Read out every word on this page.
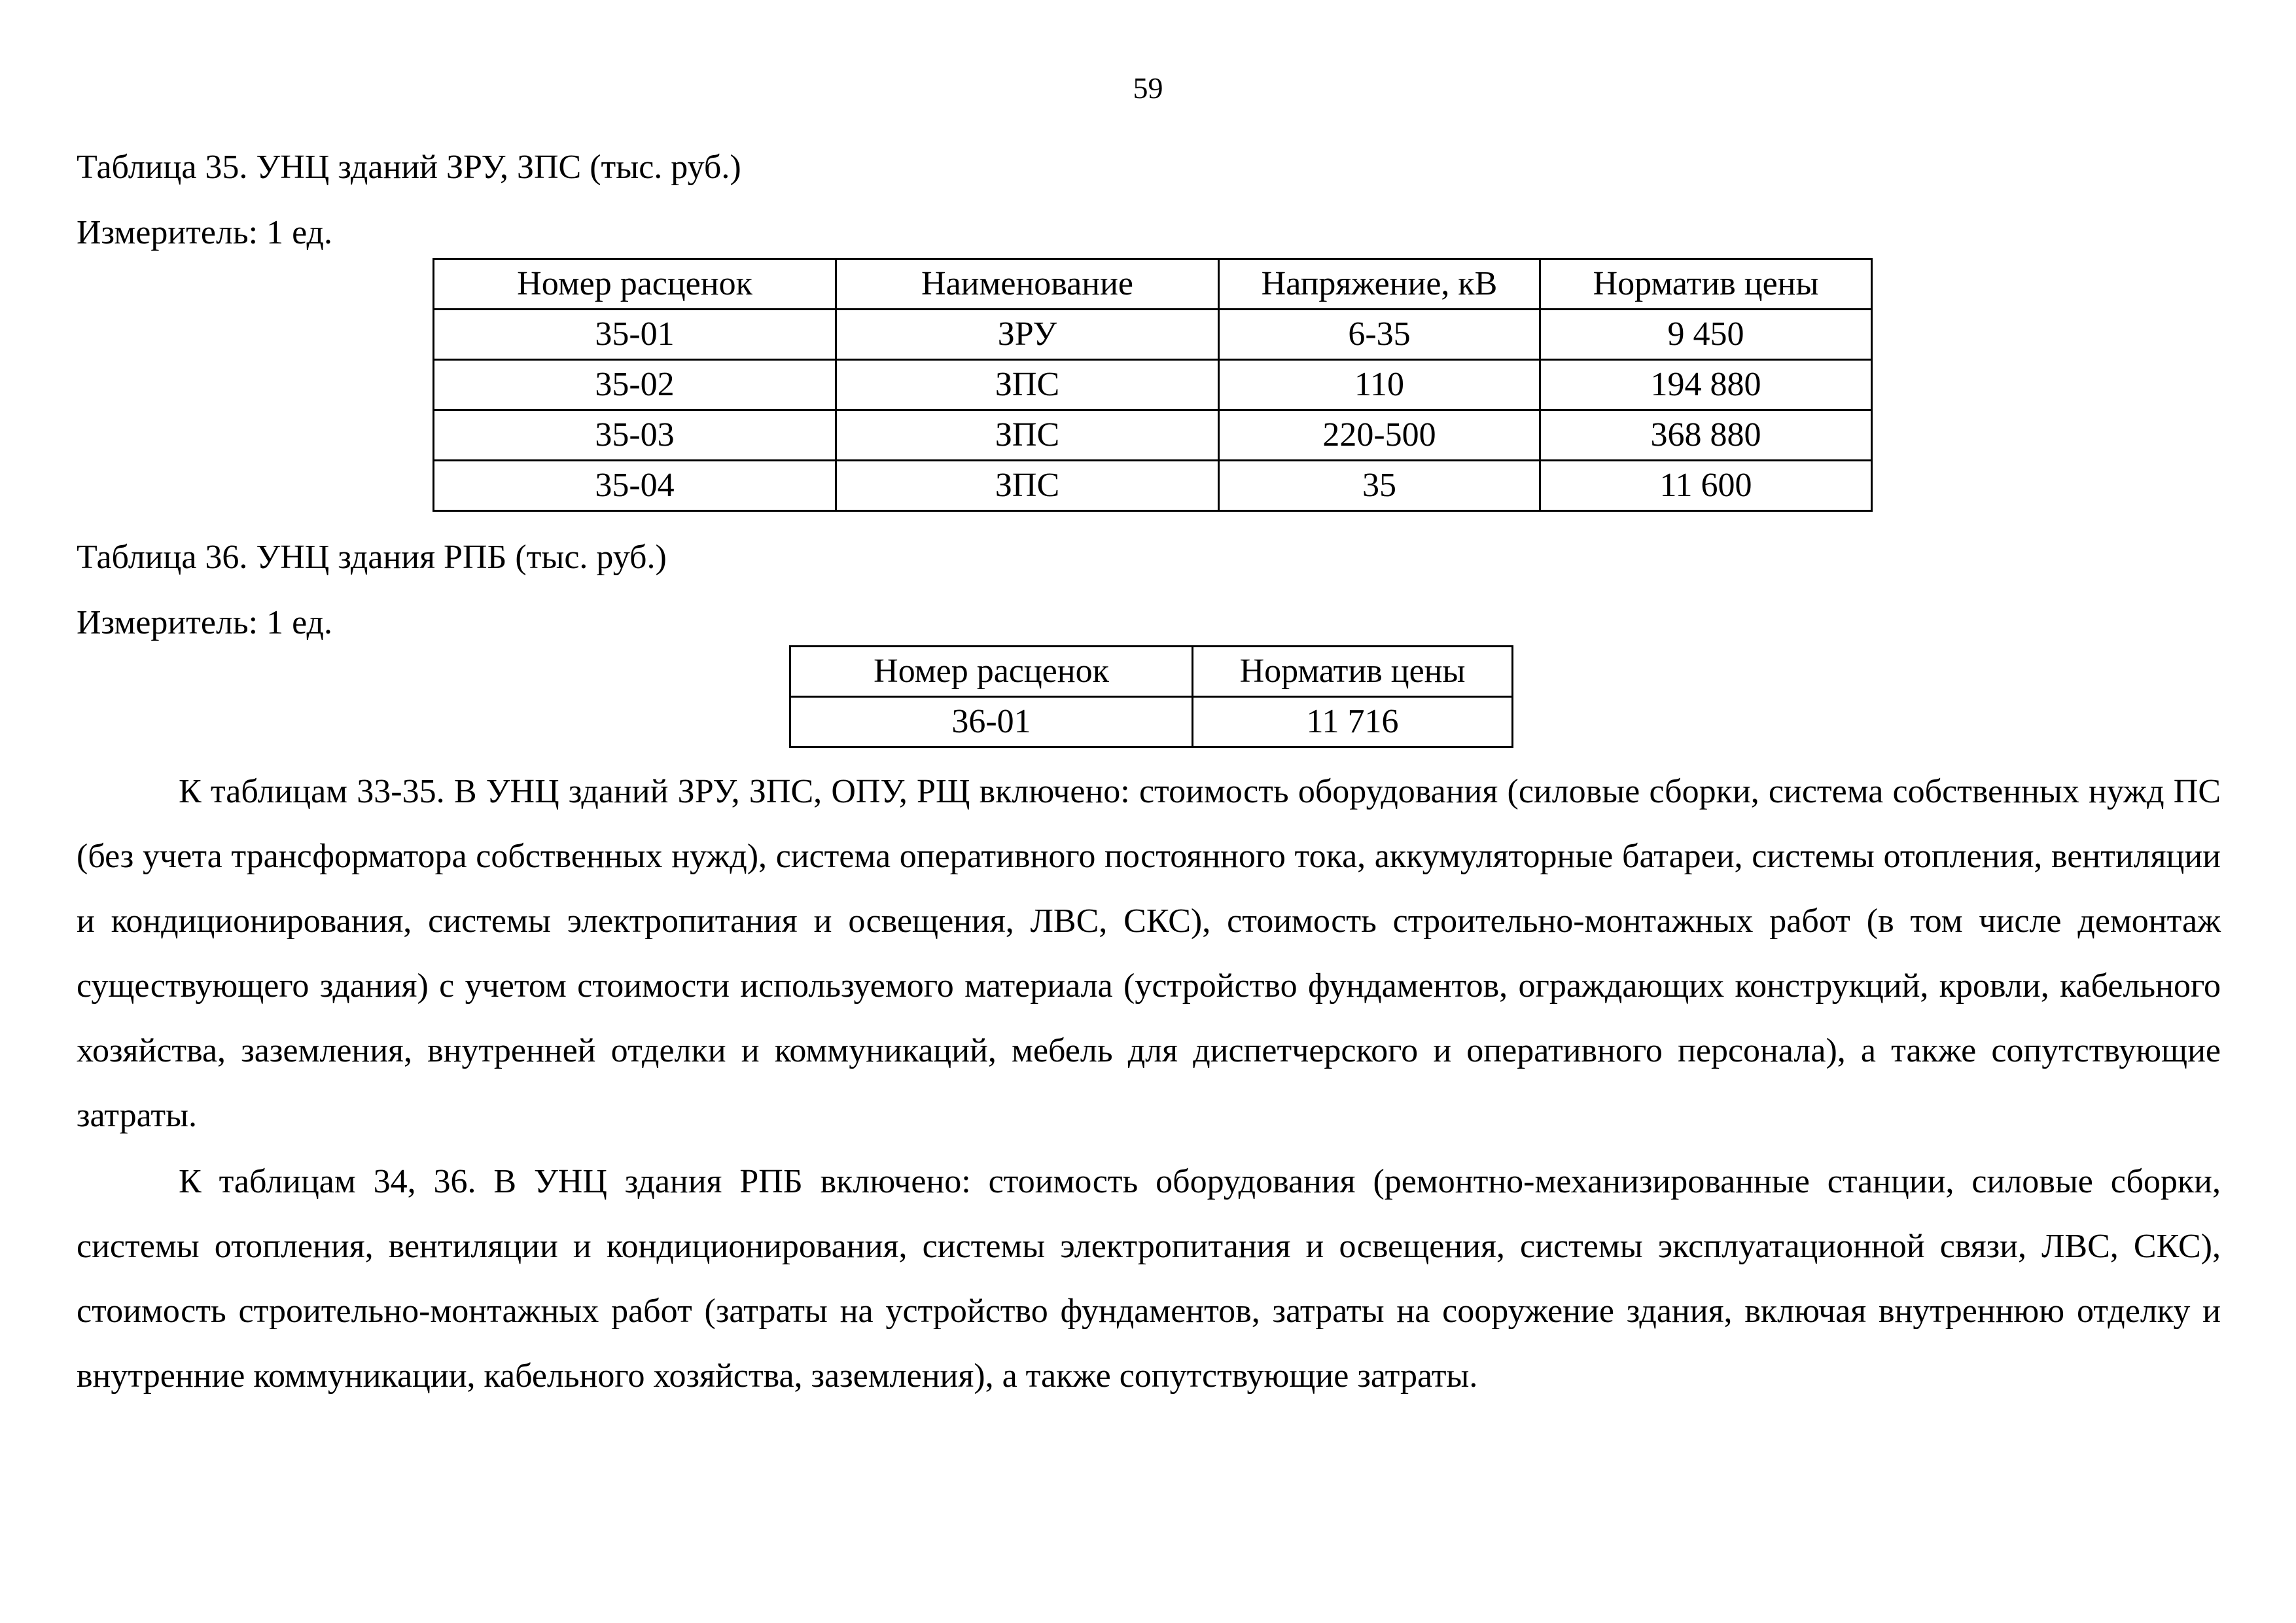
59
Таблица 35. УНЦ зданий ЗРУ, ЗПС (тыс. руб.)
Измеритель: 1 ед.
Номер расценок	Наименование	Напряжение, кВ	Норматив цены
35-01	ЗРУ	6-35	9 450
35-02	ЗПС	110	194 880
35-03	ЗПС	220-500	368 880
35-04	ЗПС	35	11 600
Таблица 36. УНЦ здания РПБ (тыс. руб.)
Измеритель: 1 ед.
Номер расценок	Норматив цены
36-01	11 716

К таблицам 33-35. В УНЦ зданий ЗРУ, ЗПС, ОПУ, РЩ включено: стоимость оборудования (силовые сборки, система собственных нужд ПС (без учета трансформатора собственных нужд), система оперативного постоянного тока, аккумуляторные батареи, системы отопления, вентиляции и кондиционирования, системы электропитания и освещения, ЛВС, СКС), стоимость строительно-монтажных работ (в том числе демонтаж существующего здания) с учетом стоимости используемого материала (устройство фундаментов, ограждающих конструкций, кровли, кабельного хозяйства, заземления, внутренней отделки и коммуникаций, мебель для диспетчерского и оперативного персонала), а также сопутствующие затраты.

К таблицам 34, 36. В УНЦ здания РПБ включено: стоимость оборудования (ремонтно-механизированные станции, силовые сборки, системы отопления, вентиляции и кондиционирования, системы электропитания и освещения, системы эксплуатационной связи, ЛВС, СКС), стоимость строительно-монтажных работ (затраты на устройство фундаментов, затраты на сооружение здания, включая внутреннюю отделку и внутренние коммуникации, кабельного хозяйства, заземления), а также сопутствующие затраты.
